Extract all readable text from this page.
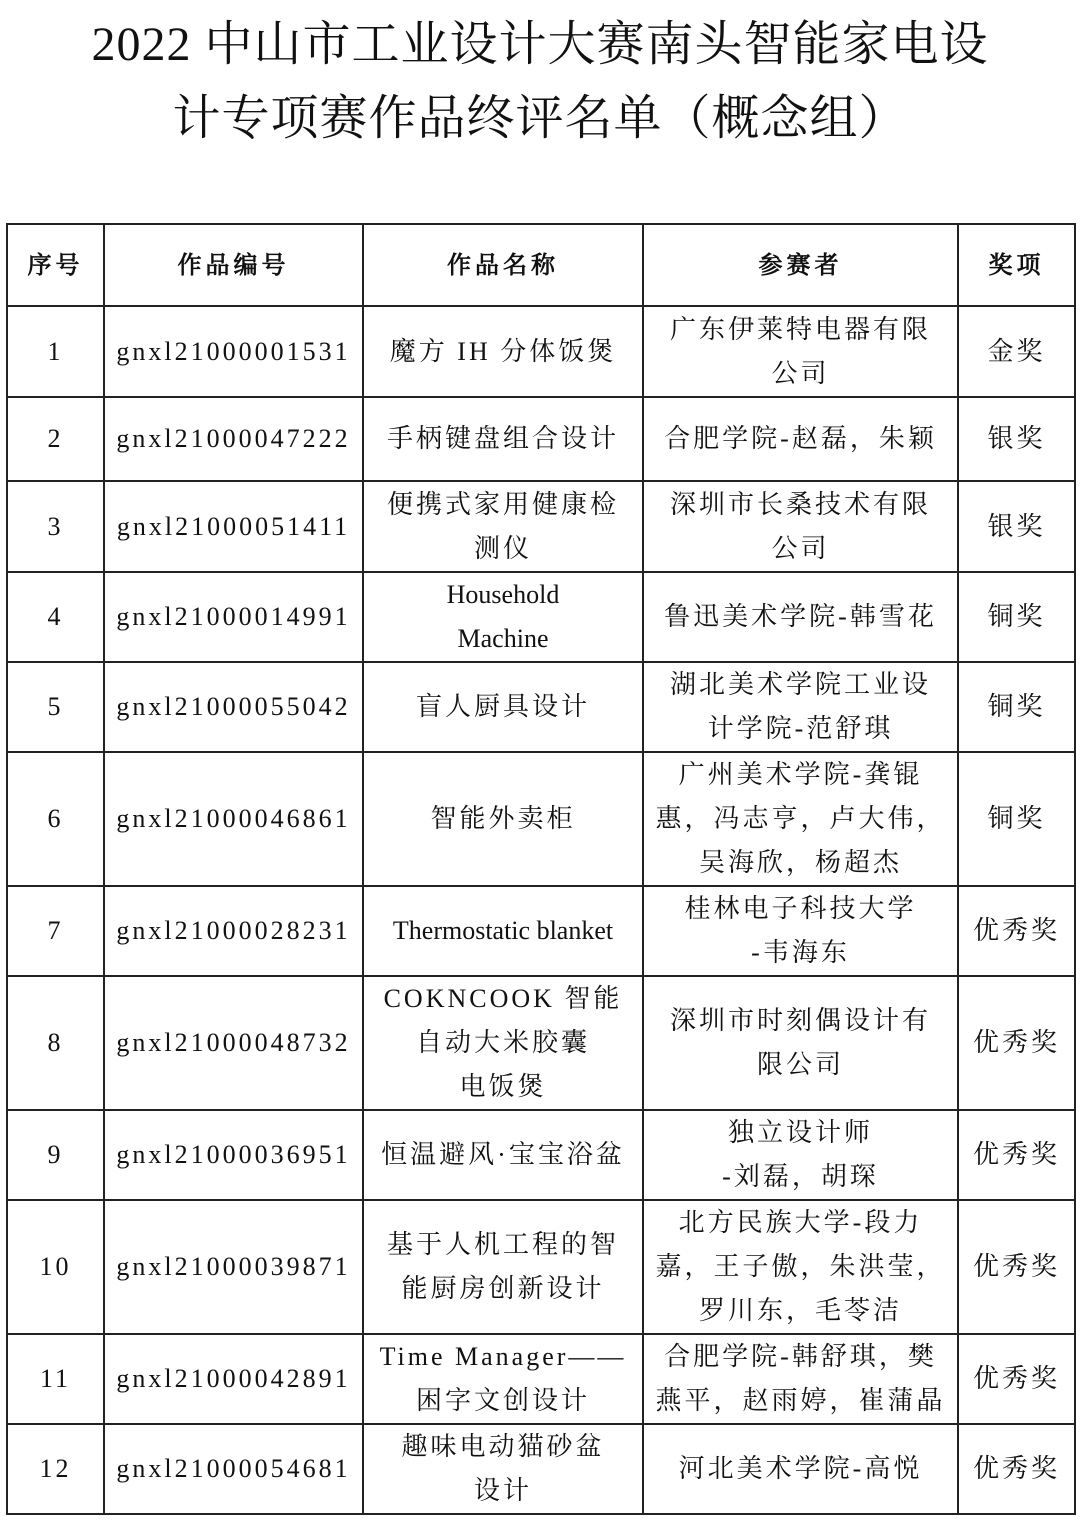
2022 中山市工业设计大赛南头智能家电设
计专项赛作品终评名单（概念组）
序号	作品编号	作品名称	参赛者	奖项
1	gnxl21000001531	魔方 IH 分体饭煲	广东伊莱特电器有限
公司	金奖
2	gnxl21000047222	手柄键盘组合设计	合肥学院-赵磊，朱颖	银奖
3	gnxl21000051411	便携式家用健康检
测仪	深圳市长桑技术有限
公司	银奖
4	gnxl21000014991	Household
Machine	鲁迅美术学院-韩雪花	铜奖
5	gnxl21000055042	盲人厨具设计	湖北美术学院工业设
计学院-范舒琪	铜奖
6	gnxl21000046861	智能外卖柜	广州美术学院-龚锟
惠，冯志亨，卢大伟，
吴海欣，杨超杰	铜奖
7	gnxl21000028231	Thermostatic blanket	桂林电子科技大学
-韦海东	优秀奖
8	gnxl21000048732	COKNCOOK 智能
自动大米胶囊
电饭煲	深圳市时刻偶设计有
限公司	优秀奖
9	gnxl21000036951	恒温避风·宝宝浴盆	独立设计师
-刘磊，胡琛	优秀奖
10	gnxl21000039871	基于人机工程的智
能厨房创新设计	北方民族大学-段力
嘉，王子傲，朱洪莹，
罗川东，毛苓洁	优秀奖
11	gnxl21000042891	Time Manager——
困字文创设计	合肥学院-韩舒琪，樊
燕平，赵雨婷，崔蒲晶	优秀奖
12	gnxl21000054681	趣味电动猫砂盆
设计	河北美术学院-高悦	优秀奖
